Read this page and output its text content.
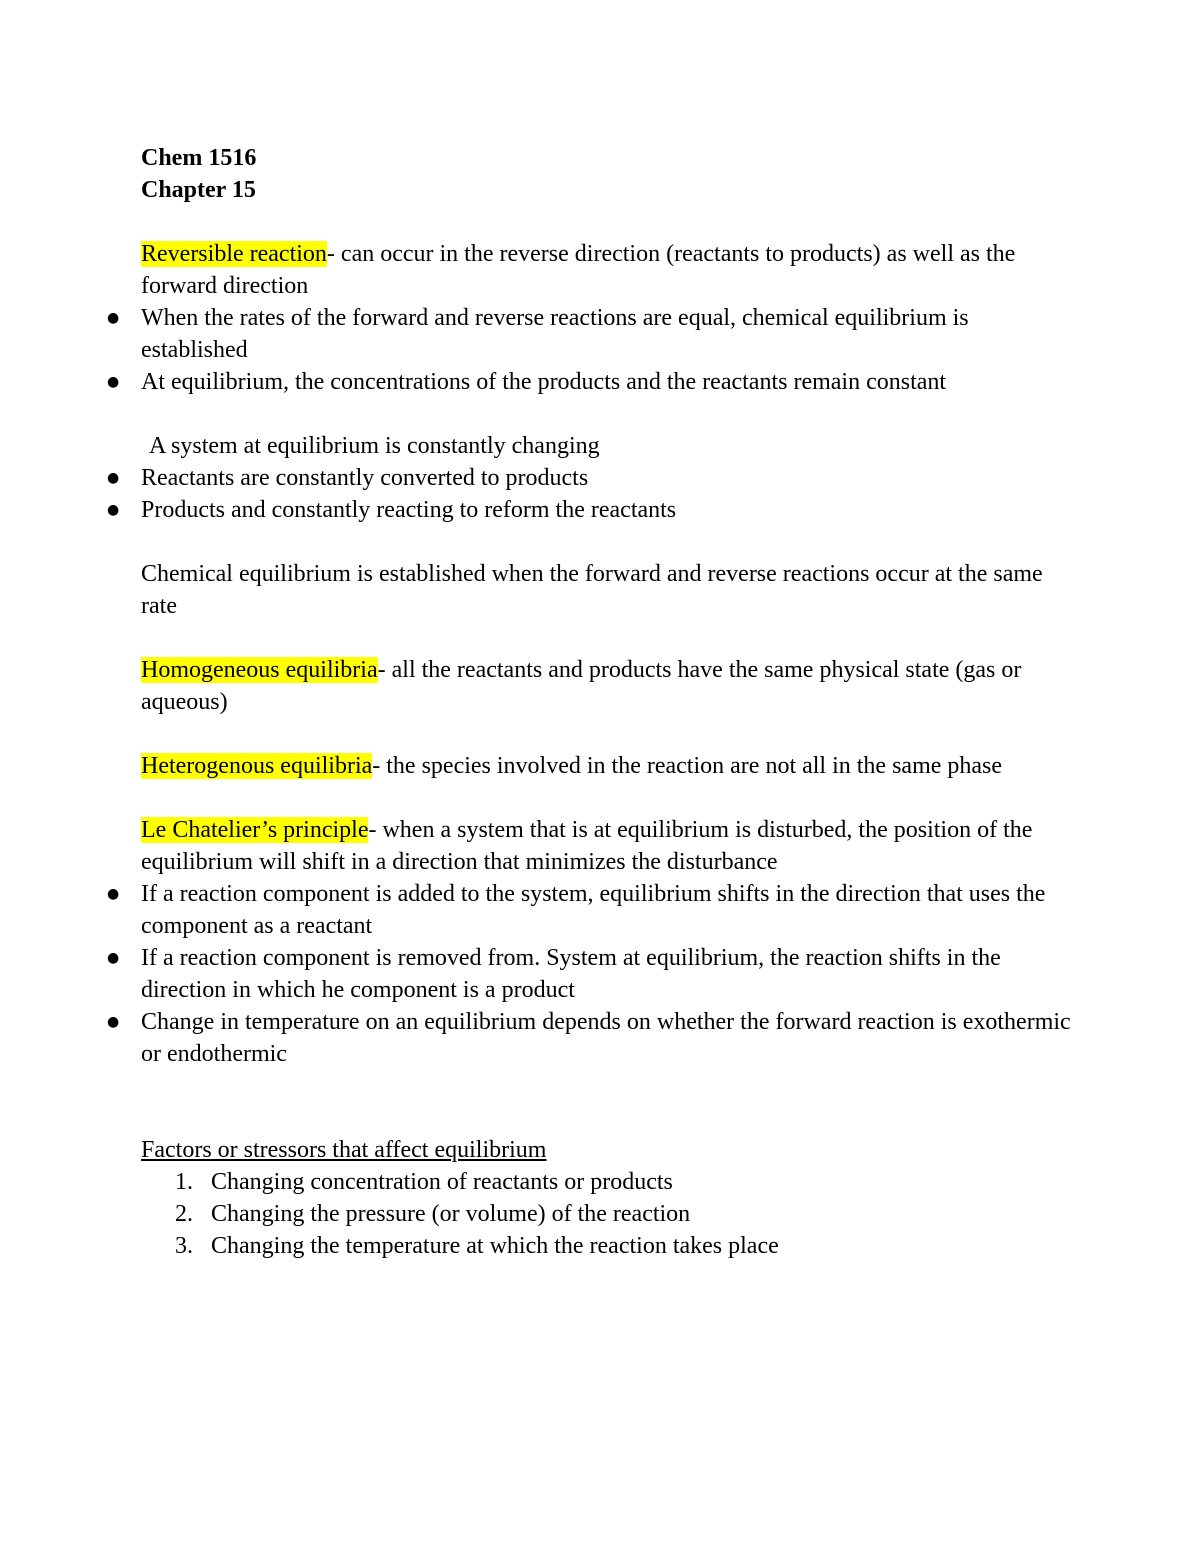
Chem 1516

Chapter 15

Reversible reaction- can occur in the reverse direction (reactants to products) as well as the forward direction

● When the rates of the forward and reverse reactions are equal, chemical equilibrium is established
● At equilibrium, the concentrations of the products and the reactants remain constant

A system at equilibrium is constantly changing

● Reactants are constantly converted to products
● Products and constantly reacting to reform the reactants

Chemical equilibrium is established when the forward and reverse reactions occur at the same rate

Homogeneous equilibria- all the reactants and products have the same physical state (gas or aqueous)

Heterogenous equilibria- the species involved in the reaction are not all in the same phase

Le Chatelier’s principle- when a system that is at equilibrium is disturbed, the position of the equilibrium will shift in a direction that minimizes the disturbance

● If a reaction component is added to the system, equilibrium shifts in the direction that uses the component as a reactant
● If a reaction component is removed from. System at equilibrium, the reaction shifts in the direction in which he component is a product
● Change in temperature on an equilibrium depends on whether the forward reaction is exothermic or endothermic

Factors or stressors that affect equilibrium

1. Changing concentration of reactants or products
2. Changing the pressure (or volume) of the reaction
3. Changing the temperature at which the reaction takes place
